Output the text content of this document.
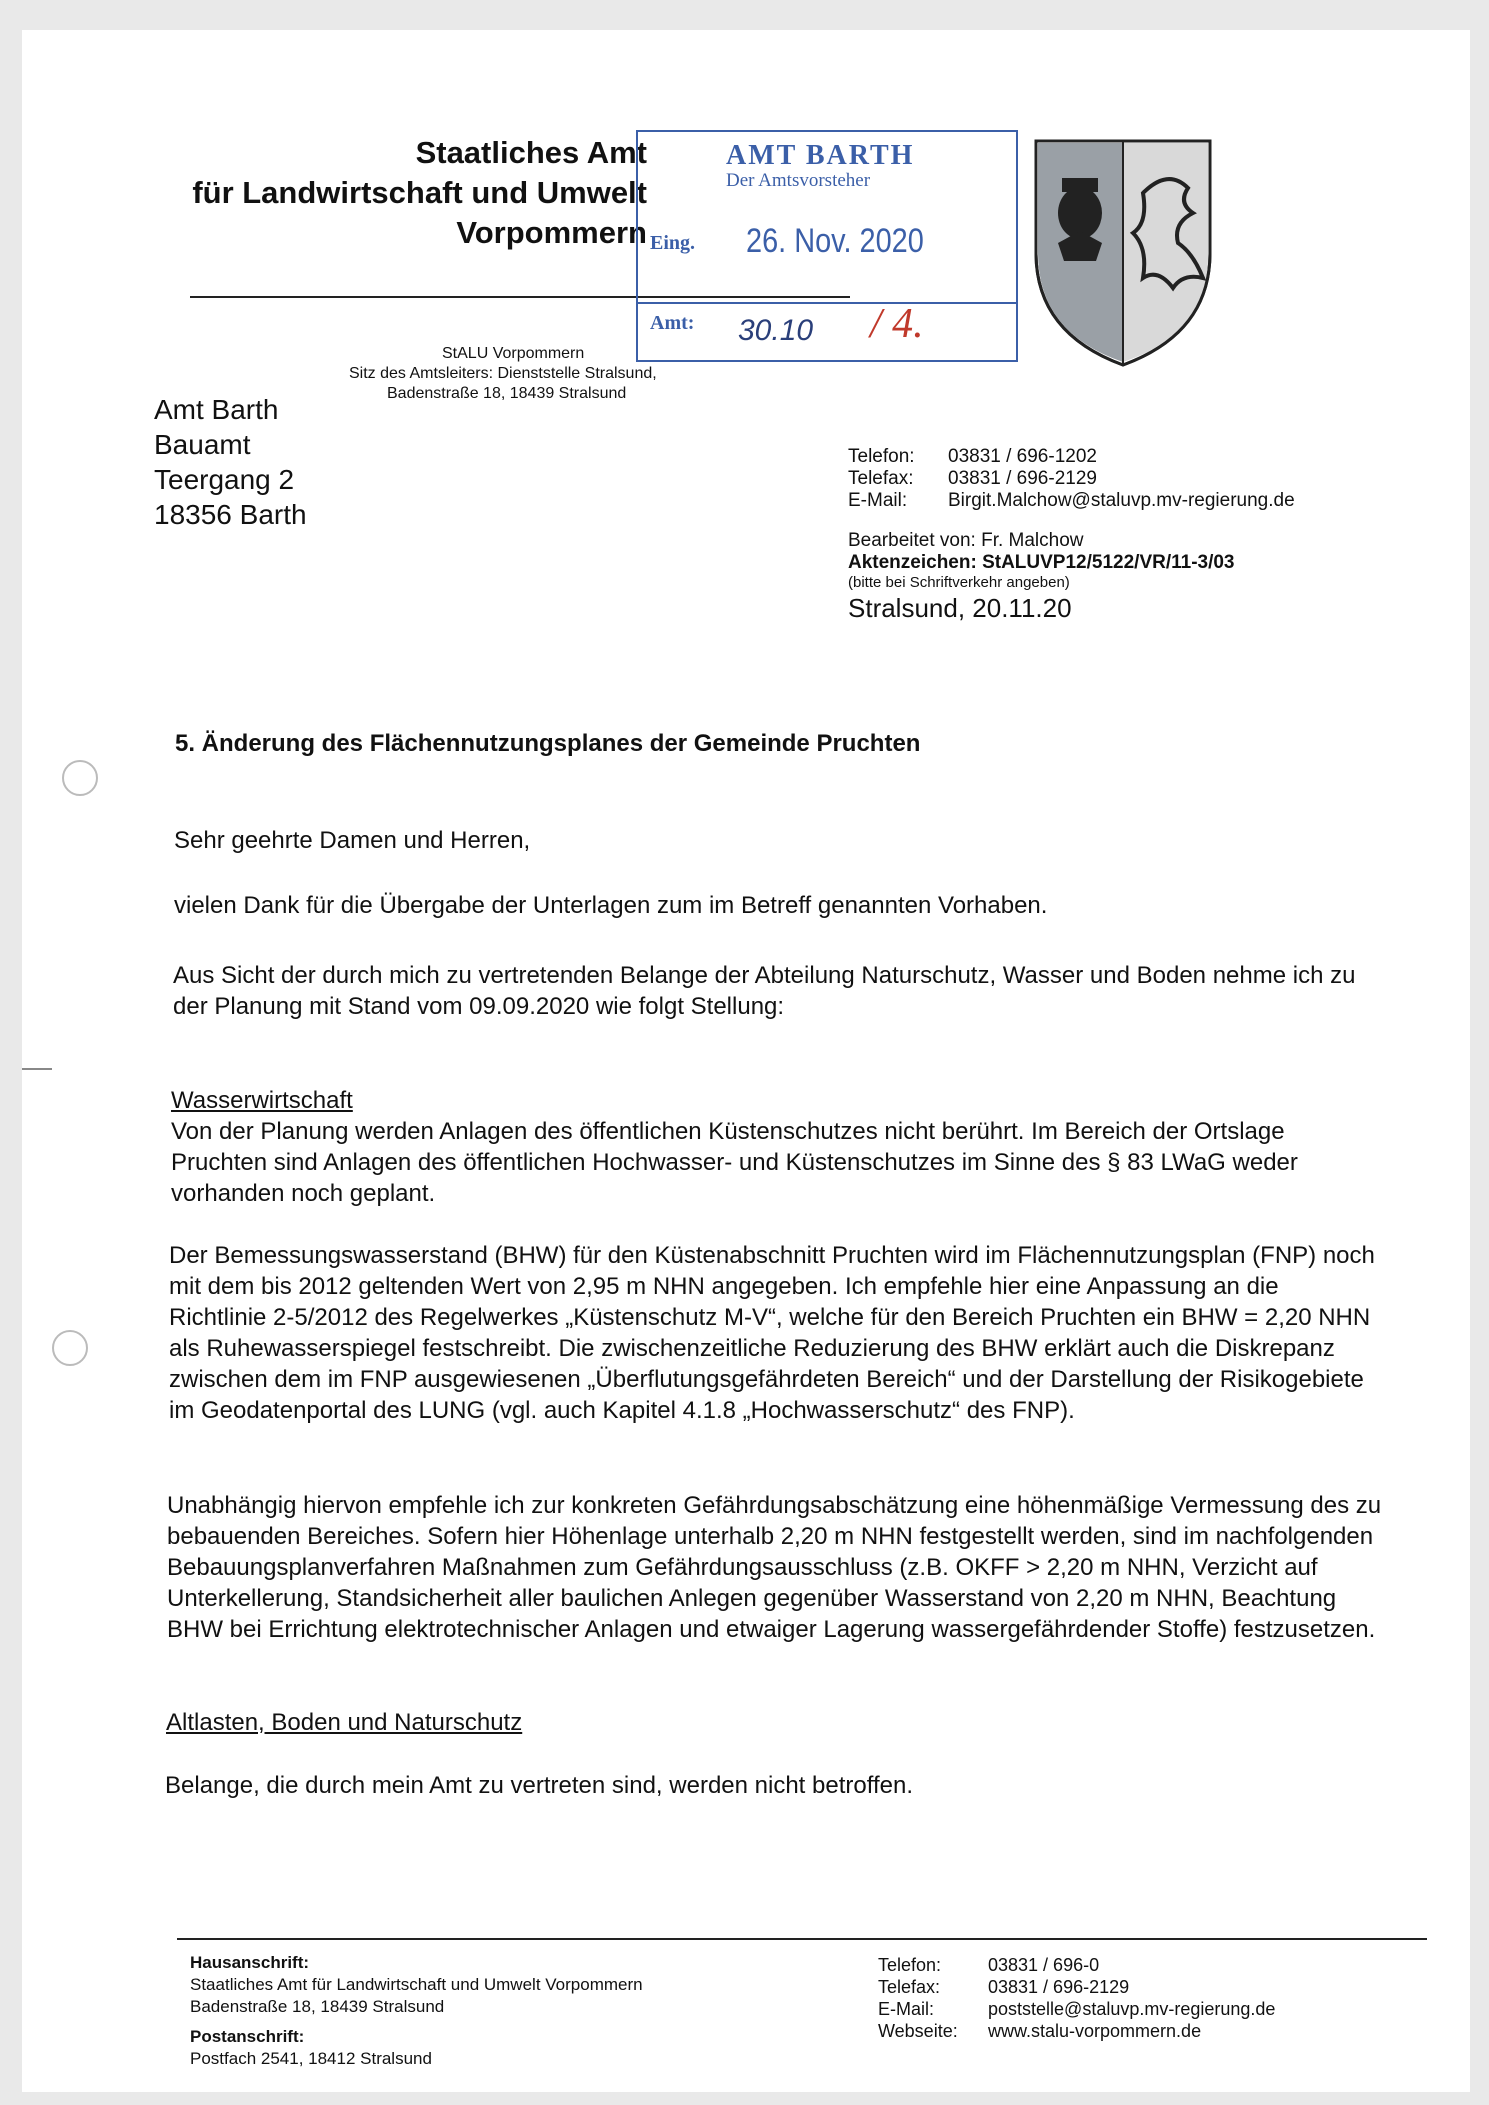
Staatliches Amt
für Landwirtschaft und Umwelt
Vorpommern
StALU Vorpommern
Sitz des Amtsleiters: Dienststelle Stralsund,
Badenstraße 18, 18439 Stralsund
AMT BARTH
Der Amtsvorsteher
Eing. 26. Nov. 2020
Amt: 30.10 / 4.
Amt Barth
Bauamt
Teergang 2
18356 Barth
Telefon: 03831 / 696-1202
Telefax: 03831 / 696-2129
E-Mail: Birgit.Malchow@staluvp.mv-regierung.de
Bearbeitet von: Fr. Malchow
Aktenzeichen: StALUVP12/5122/VR/11-3/03
(bitte bei Schriftverkehr angeben)
Stralsund, 20.11.20
5. Änderung des Flächennutzungsplanes der Gemeinde Pruchten
Sehr geehrte Damen und Herren,
vielen Dank für die Übergabe der Unterlagen zum im Betreff genannten Vorhaben.
Aus Sicht der durch mich zu vertretenden Belange der Abteilung Naturschutz, Wasser und Boden nehme ich zu der Planung mit Stand vom 09.09.2020 wie folgt Stellung:
Wasserwirtschaft
Von der Planung werden Anlagen des öffentlichen Küstenschutzes nicht berührt. Im Bereich der Ortslage Pruchten sind Anlagen des öffentlichen Hochwasser- und Küstenschutzes im Sinne des § 83 LWaG weder vorhanden noch geplant.
Der Bemessungswasserstand (BHW) für den Küstenabschnitt Pruchten wird im Flächennutzungsplan (FNP) noch mit dem bis 2012 geltenden Wert von 2,95 m NHN angegeben. Ich empfehle hier eine Anpassung an die Richtlinie 2-5/2012 des Regelwerkes „Küstenschutz M-V“, welche für den Bereich Pruchten ein BHW = 2,20 NHN als Ruhewasserspiegel festschreibt. Die zwischenzeitliche Reduzierung des BHW erklärt auch die Diskrepanz zwischen dem im FNP ausgewiesenen „Überflutungsgefährdeten Bereich“ und der Darstellung der Risikogebiete im Geodatenportal des LUNG (vgl. auch Kapitel 4.1.8 „Hochwasserschutz“ des FNP).
Unabhängig hiervon empfehle ich zur konkreten Gefährdungsabschätzung eine höhenmäßige Vermessung des zu bebauenden Bereiches. Sofern hier Höhenlage unterhalb 2,20 m NHN festgestellt werden, sind im nachfolgenden Bebauungsplanverfahren Maßnahmen zum Gefährdungsausschluss (z.B. OKFF > 2,20 m NHN, Verzicht auf Unterkellerung, Standsicherheit aller baulichen Anlegen gegenüber Wasserstand von 2,20 m NHN, Beachtung BHW bei Errichtung elektrotechnischer Anlagen und etwaiger Lagerung wassergefährdender Stoffe) festzusetzen.
Altlasten, Boden und Naturschutz
Belange, die durch mein Amt zu vertreten sind, werden nicht betroffen.
Hausanschrift:
Staatliches Amt für Landwirtschaft und Umwelt Vorpommern
Badenstraße 18, 18439 Stralsund
Postanschrift:
Postfach 2541, 18412 Stralsund
Telefon:	03831 / 696-0
Telefax:	03831 / 696-2129
E-Mail:	poststelle@staluvp.mv-regierung.de
Webseite: www.stalu-vorpommern.de
